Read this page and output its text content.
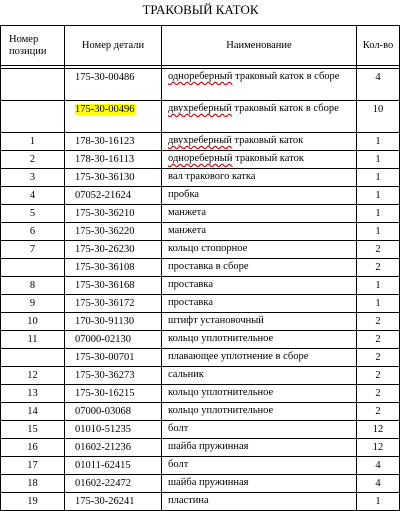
ТРАКОВЫЙ КАТОК
Номер
позиции	Номер детали	Наименование	Кол-во

	175-30-00486	однореберный траковый каток в сборе	4
	175-30-00496	двухреберный траковый каток в сборе	10
1	178-30-16123	двухреберный траковый каток	1
2	178-30-16113	однореберный траковый каток	1
3	175-30-36130	вал тракового катка	1
4	07052-21624	пробка	1
5	175-30-36210	манжета	1
6	175-30-36220	манжета	1
7	175-30-26230	кольцо стопорное	2
	175-30-36108	проставка в сборе	2
8	175-30-36168	проставка	1
9	175-30-36172	проставка	1
10	170-30-91130	штифт установочный	2
11	07000-02130	кольцо уплотнительное	2
	175-30-00701	плавающее уплотнение в сборе	2
12	175-30-36273	сальник	2
13	175-30-16215	кольцо уплотнительное	2
14	07000-03068	кольцо уплотнительное	2
15	01010-51235	болт	12
16	01602-21236	шайба пружинная	12
17	01011-62415	болт	4
18	01602-22472	шайба пружинная	4
19	175-30-26241	пластина	1
